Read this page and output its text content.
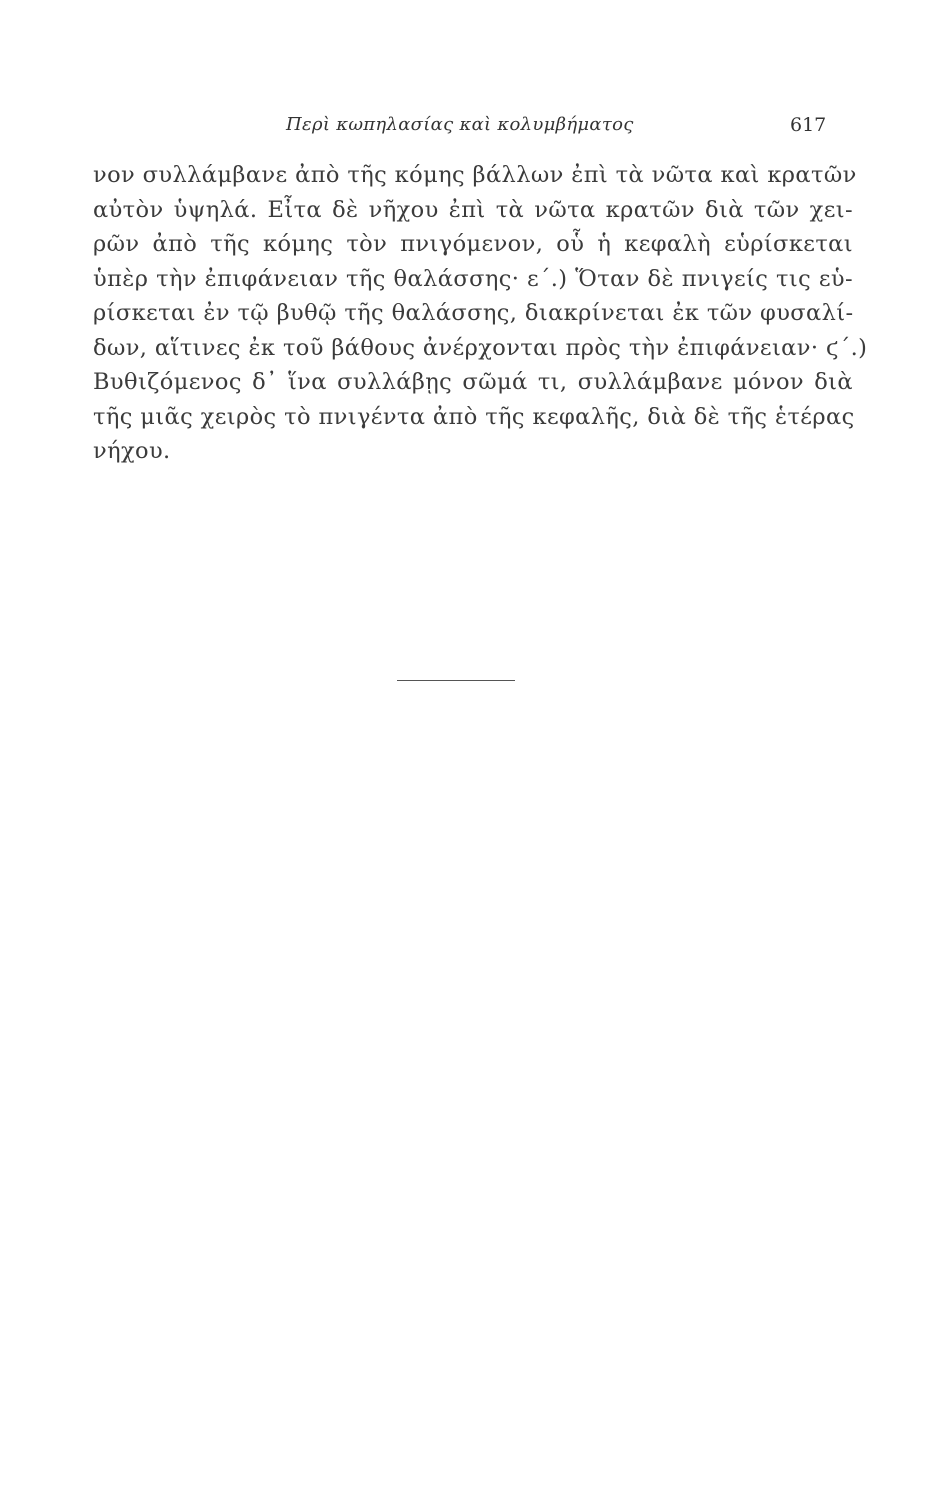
Περὶ κωπηλασίας καὶ κολυμβήματος	617
νον συλλάμβανε ἀπὸ τῆς κόμης βάλλων ἐπὶ τὰ νῶτα καὶ κρατῶν
αὐτὸν ὑψηλά. Εἶτα δὲ νῆχου ἐπὶ τὰ νῶτα κρατῶν διὰ τῶν χει-
ρῶν ἀπὸ τῆς κόμης τὸν πνιγόμενον, οὗ ἡ κεφαλὴ εὑρίσκεται
ὑπὲρ τὴν ἐπιφάνειαν τῆς θαλάσσης· ε΄.) Ὅταν δὲ πνιγείς τις εὑ-
ρίσκεται ἐν τῷ βυθῷ τῆς θαλάσσης, διακρίνεται ἐκ τῶν φυσαλί-
δων, αἵτινες ἐκ τοῦ βάθους ἀνέρχονται πρὸς τὴν ἐπιφάνειαν· ϛ΄.)
Βυθιζόμενος δ᾽ ἵνα συλλάβῃς σῶμά τι, συλλάμβανε μόνον διὰ
τῆς μιᾶς χειρὸς τὸ πνιγέντα ἀπὸ τῆς κεφαλῆς, διὰ δὲ τῆς ἑτέρας
νήχου.
